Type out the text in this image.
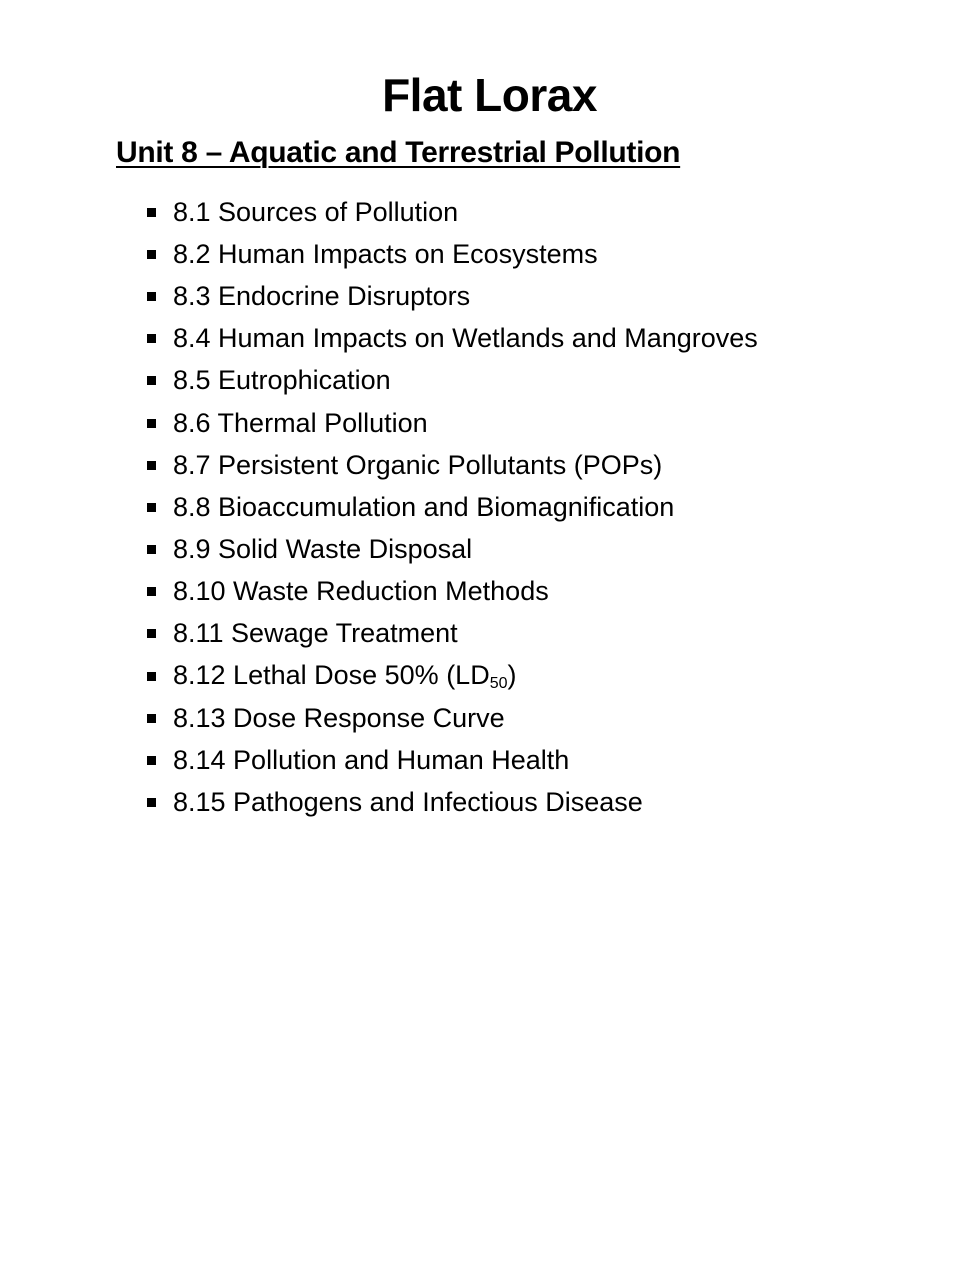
Flat Lorax
Unit 8 – Aquatic and Terrestrial Pollution
8.1 Sources of Pollution
8.2 Human Impacts on Ecosystems
8.3 Endocrine Disruptors
8.4 Human Impacts on Wetlands and Mangroves
8.5 Eutrophication
8.6 Thermal Pollution
8.7 Persistent Organic Pollutants (POPs)
8.8 Bioaccumulation and Biomagnification
8.9 Solid Waste Disposal
8.10 Waste Reduction Methods
8.11 Sewage Treatment
8.12 Lethal Dose 50% $(LD_{50})$
8.13 Dose Response Curve
8.14 Pollution and Human Health
8.15 Pathogens and Infectious Disease
